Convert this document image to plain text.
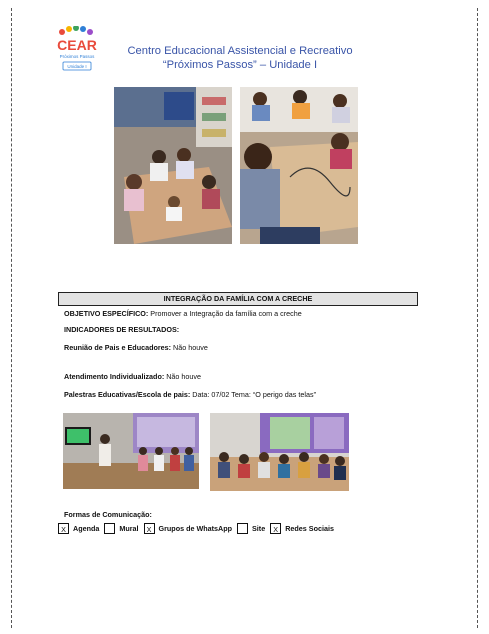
CEAR
Próximos Passos
Unidade I
Centro Educacional Assistencial e Recreativo
“Próximos Passos” – Unidade I
INTEGRAÇÃO DA FAMÍLIA COM A CRECHE
OBJETIVO ESPECÍFICO: Promover a Integração da família com a creche
INDICADORES DE RESULTADOS:
Reunião de Pais e Educadores: Não houve
Atendimento Individualizado: Não houve
Palestras Educativas/Escola de pais: Data: 07/02 Tema: “O perigo das telas”
Formas de Comunicação:
X Agenda	Mural	X Grupos de WhatsApp	Site	X Redes Sociais
